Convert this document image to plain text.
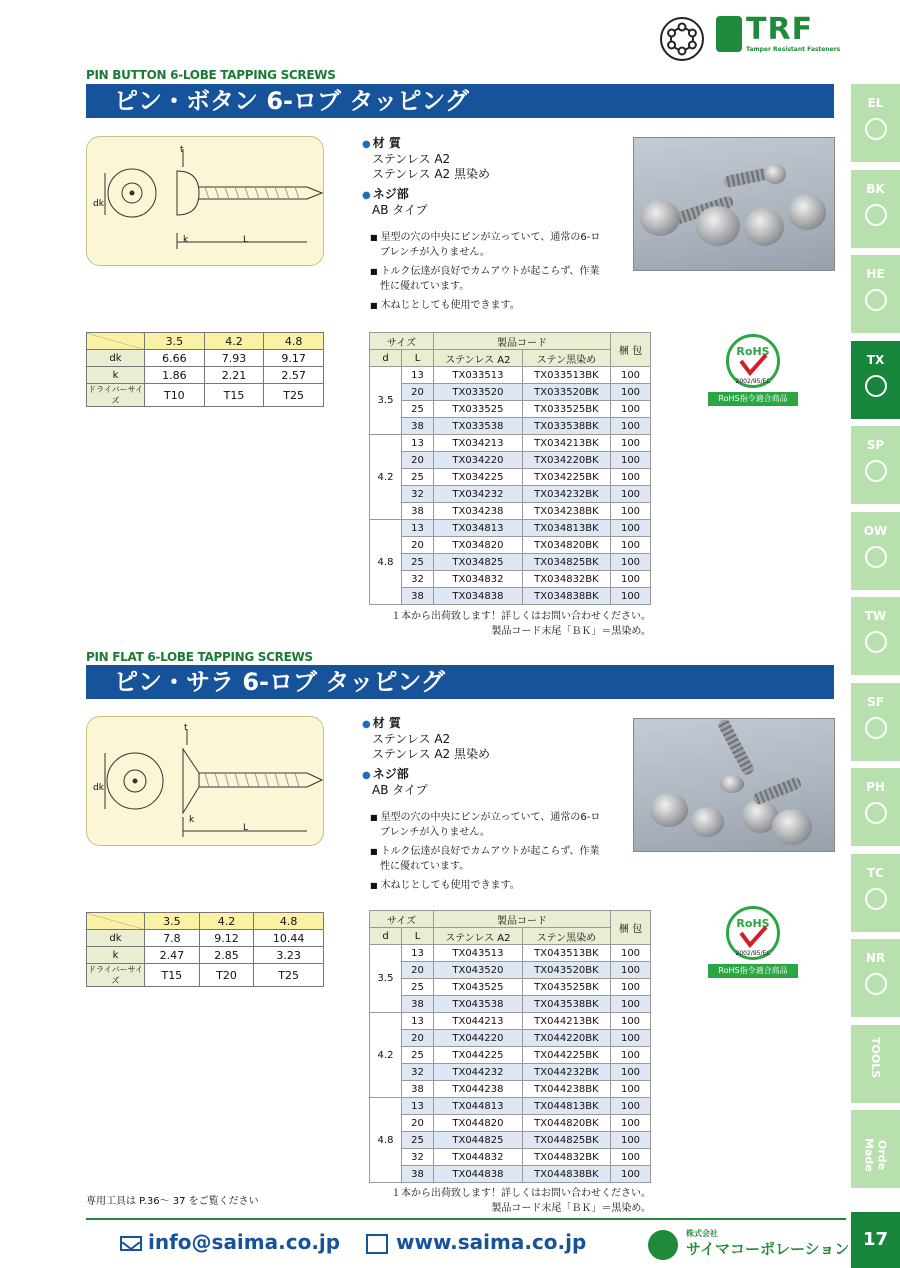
TRF
Tamper Resistant Fasteners
PIN BUTTON 6-LOBE TAPPING SCREWS
ピン・ボタン 6-ロブ タッピング
t
dk
k	L
● 材 質
ステンレス A2
ステンレス A2 黒染め
● ネジ部
AB タイプ
■ 星型の穴の中央にピンが立っていて、通常の6-ロブレンチが入りません。
■ トルク伝達が良好でカムアウトが起こらず、作業性に優れています。
■ 木ねじとしても使用できます。
	3.5	4.2	4.8
dk	6.66	7.93	9.17
k	1.86	2.21	2.57
ドライバーサイズ	T10	T15	T25
サイズ		製品コード		梱 包
d	L	ステンレス A2	ステン黒染め	
3.5	13	TX033513	TX033513BK	100
	20	TX033520	TX033520BK	100
	25	TX033525	TX033525BK	100
	38	TX033538	TX033538BK	100
4.2	13	TX034213	TX034213BK	100
	20	TX034220	TX034220BK	100
	25	TX034225	TX034225BK	100
	32	TX034232	TX034232BK	100
	38	TX034238	TX034238BK	100
4.8	13	TX034813	TX034813BK	100
	20	TX034820	TX034820BK	100
	25	TX034825	TX034825BK	100
	32	TX034832	TX034832BK	100
	38	TX034838	TX034838BK	100
１本から出荷致します！詳しくはお問い合わせください。
製品コード末尾「ＢＫ」＝黒染め。
RoHS
2002/95/EC
RoHS指令適合商品
PIN FLAT 6-LOBE TAPPING SCREWS
ピン・サラ 6-ロブ タッピング
t
dk
k
L
● 材 質
ステンレス A2
ステンレス A2 黒染め
● ネジ部
AB タイプ
■ 星型の穴の中央にピンが立っていて、通常の6-ロブレンチが入りません。
■ トルク伝達が良好でカムアウトが起こらず、作業性に優れています。
■ 木ねじとしても使用できます。
	3.5	4.2	4.8
dk	7.8	9.12	10.44
k	2.47	2.85	3.23
ドライバーサイズ	T15	T20	T25
サイズ		製品コード		梱 包
d	L	ステンレス A2	ステン黒染め	
3.5	13	TX043513	TX043513BK	100
	20	TX043520	TX043520BK	100
	25	TX043525	TX043525BK	100
	38	TX043538	TX043538BK	100
4.2	13	TX044213	TX044213BK	100
	20	TX044220	TX044220BK	100
	25	TX044225	TX044225BK	100
	32	TX044232	TX044232BK	100
	38	TX044238	TX044238BK	100
4.8	13	TX044813	TX044813BK	100
	20	TX044820	TX044820BK	100
	25	TX044825	TX044825BK	100
	32	TX044832	TX044832BK	100
	38	TX044838	TX044838BK	100
１本から出荷致します！詳しくはお問い合わせください。
製品コード末尾「ＢＫ」＝黒染め。
RoHS
2002/95/EC
RoHS指令適合商品
EL
BK
HE
TX
SP
OW
TW
SF
PH
TC
NR
TOOLS
Orde Made
専用工具は P.36～ 37 をご覧ください
info@saima.co.jp	www.saima.co.jp	株式会社
サイマコーポレーション 17
